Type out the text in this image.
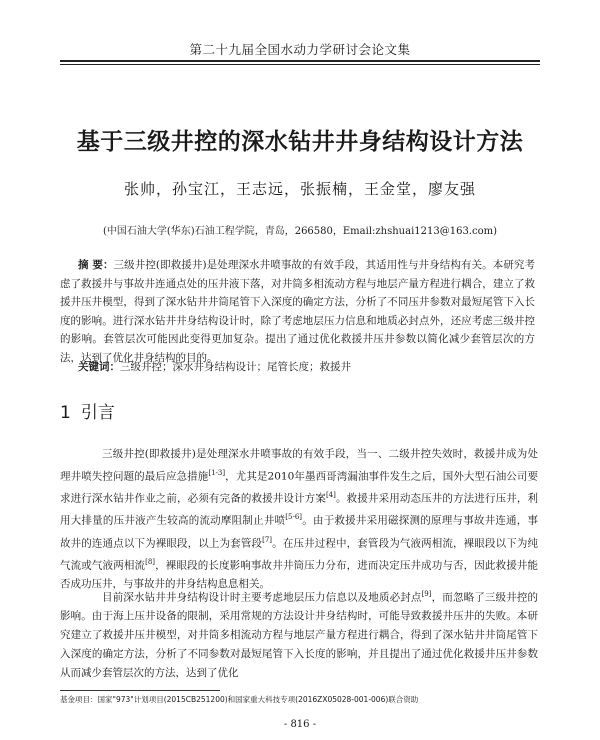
第二十九届全国水动力学研讨会论文集
基于三级井控的深水钻井井身结构设计方法
张帅，孙宝江，王志远，张振楠，王金堂，廖友强
(中国石油大学(华东)石油工程学院，青岛，266580，Email:zhshuai1213@163.com)
摘 要：三级井控(即救援井)是处理深水井喷事故的有效手段，其适用性与井身结构有关。本研究考虑了救援井与事故井连通点处的压井液下落，对井筒多相流动方程与地层产量方程进行耦合，建立了救援井压井模型，得到了深水钻井井筒尾管下入深度的确定方法，分析了不同压井参数对最短尾管下入长度的影响。进行深水钻井井身结构设计时，除了考虑地层压力信息和地质必封点外，还应考虑三级井控的影响。套管层次可能因此变得更加复杂。提出了通过优化救援井压井参数以简化减少套管层次的方法，达到了优化井身结构的目的。
关键词：三级井控；深水井身结构设计；尾管长度；救援井
1 引言
三级井控(即救援井)是处理深水井喷事故的有效手段，当一、二级井控失效时，救援井成为处理井喷失控问题的最后应急措施[1-3]，尤其是2010年墨西哥湾漏油事件发生之后，国外大型石油公司要求进行深水钻井作业之前，必须有完备的救援井设计方案[4]。救援井采用动态压井的方法进行压井，利用大排量的压井液产生较高的流动摩阻制止井喷[5-6]。由于救援井采用磁探测的原理与事故井连通，事故井的连通点以下为裸眼段，以上为套管段[7]。在压井过程中，套管段为气液两相流，裸眼段以下为纯气流或气液两相流[8]，裸眼段的长度影响事故井井筒压力分布，进而决定压井成功与否，因此救援井能否成功压井，与事故井的井身结构息息相关。
目前深水钻井井身结构设计时主要考虑地层压力信息以及地质必封点[9]，而忽略了三级井控的影响。由于海上压井设备的限制，采用常规的方法设计井身结构时，可能导致救援井压井的失败。本研究建立了救援井压井模型，对井筒多相流动方程与地层产量方程进行耦合，得到了深水钻井井筒尾管下入深度的确定方法，分析了不同参数对最短尾管下入长度的影响，并且提出了通过优化救援井压井参数从而减少套管层次的方法，达到了优化
基金项目：国家"973"计划项目(2015CB251200)和国家重大科技专项(2016ZX05028-001-006)联合资助
- 816 -
